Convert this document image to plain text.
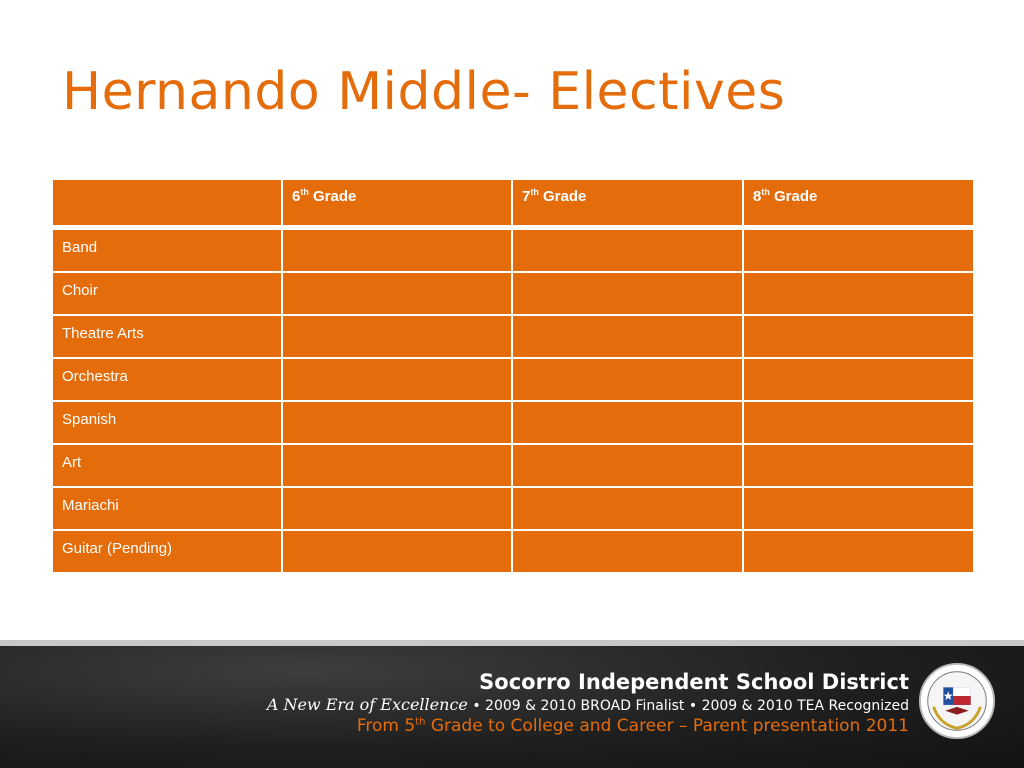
Hernando Middle- Electives
	6th Grade	7th Grade	8th Grade
Band			
Choir			
Theatre Arts			
Orchestra			
Spanish			
Art			
Mariachi			
Guitar (Pending)			
Socorro Independent School District
A New Era of Excellence • 2009 & 2010 BROAD Finalist • 2009 & 2010 TEA Recognized
From 5th Grade to College and Career – Parent presentation 2011
